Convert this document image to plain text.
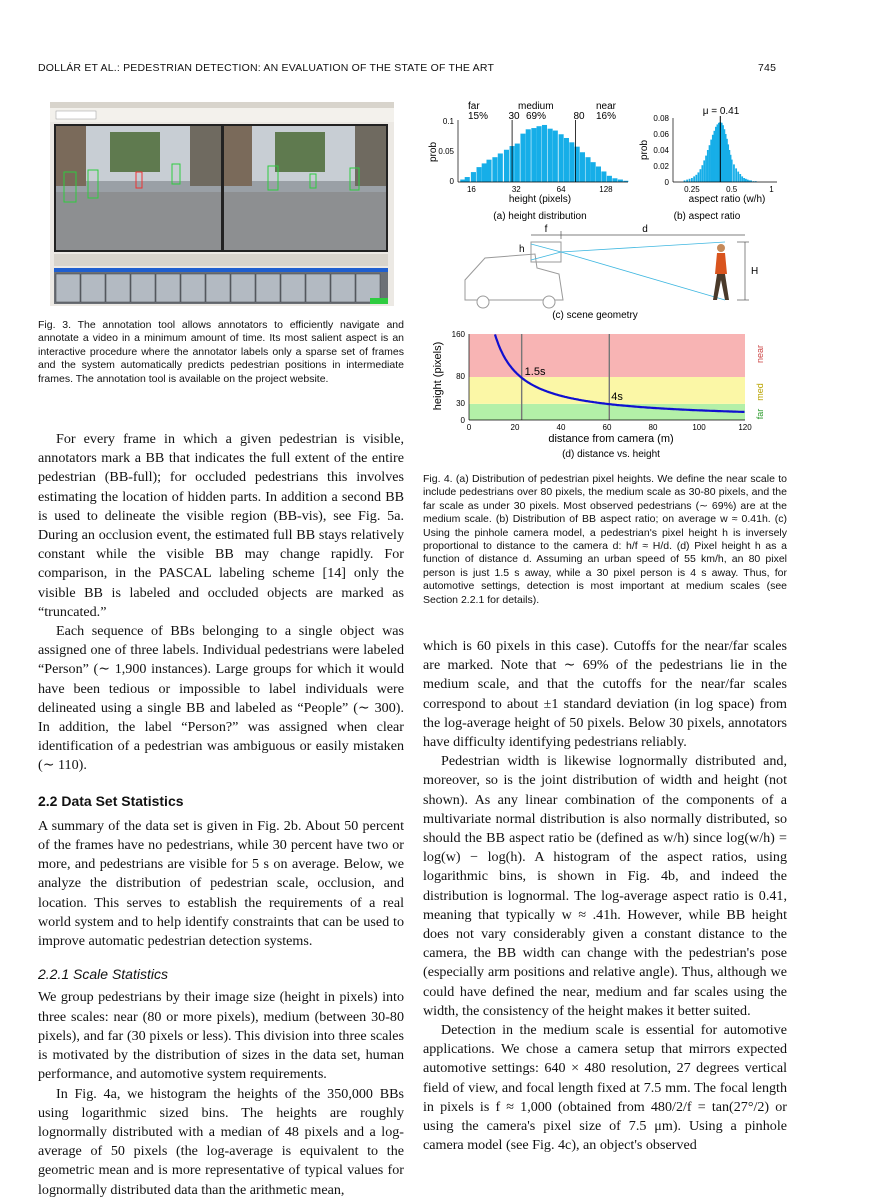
DOLLÁR ET AL.: PEDESTRIAN DETECTION: AN EVALUATION OF THE STATE OF THE ART	745
Fig. 3. The annotation tool allows annotators to efficiently navigate and annotate a video in a minimum amount of time. Its most salient aspect is an interactive procedure where the annotator labels only a sparse set of frames and the system automatically predicts pedestrian positions in intermediate frames. The annotation tool is available on the project website.

For every frame in which a given pedestrian is visible, annotators mark a BB that indicates the full extent of the entire pedestrian (BB-full); for occluded pedestrians this involves estimating the location of hidden parts. In addition a second BB is used to delineate the visible region (BB-vis), see Fig. 5a. During an occlusion event, the estimated full BB stays relatively constant while the visible BB may change rapidly. For comparison, in the PASCAL labeling scheme [14] only the visible BB is labeled and occluded objects are marked as “truncated.”

Each sequence of BBs belonging to a single object was assigned one of three labels. Individual pedestrians were labeled “Person” (∼ 1,900 instances). Large groups for which it would have been tedious or impossible to label individuals were delineated using a single BB and labeled as “People” (∼ 300). In addition, the label “Person?” was assigned when clear identification of a pedestrian was ambiguous or easily mistaken (∼ 110).

2.2 Data Set Statistics

A summary of the data set is given in Fig. 2b. About 50 percent of the frames have no pedestrians, while 30 percent have two or more, and pedestrians are visible for 5 s on average. Below, we analyze the distribution of pedestrian scale, occlusion, and location. This serves to establish the requirements of a real world system and to help identify constraints that can be used to improve automatic pedestrian detection systems.

2.2.1 Scale Statistics

We group pedestrians by their image size (height in pixels) into three scales: near (80 or more pixels), medium (between 30-80 pixels), and far (30 pixels or less). This division into three scales is motivated by the distribution of sizes in the data set, human performance, and automotive system requirements.

In Fig. 4a, we histogram the heights of the 350,000 BBs using logarithmic sized bins. The heights are roughly lognormally distributed with a median of 48 pixels and a log-average of 50 pixels (the log-average is equivalent to the geometric mean and is more representative of typical values for lognormally distributed data than the arithmetic mean,

far
15%
medium
69%
near
16%
30	80
0.1
0.05
0
16	32	64	128
height (pixels)
prob
(a) height distribution
μ = 0.41
0.08
0.06
0.04
0.02
0
0.25	0.5	1
aspect ratio (w/h)
prob
(b) aspect ratio
f	d
h
H
(c) scene geometry
1.5s
4s
160
80
30
0
0	20	40	60	80	100	120
distance from camera (m)
height (pixels)	near
med
far
(d) distance vs. height
Fig. 4. (a) Distribution of pedestrian pixel heights. We define the near scale to include pedestrians over 80 pixels, the medium scale as 30-80 pixels, and the far scale as under 30 pixels. Most observed pedestrians (∼ 69%) are at the medium scale. (b) Distribution of BB aspect ratio; on average w ≈ 0.41h. (c) Using the pinhole camera model, a pedestrian's pixel height h is inversely proportional to distance to the camera d: h/f ≈ H/d. (d) Pixel height h as a function of distance d. Assuming an urban speed of 55 km/h, an 80 pixel person is just 1.5 s away, while a 30 pixel person is 4 s away. Thus, for automotive settings, detection is most important at medium scales (see Section 2.2.1 for details).

which is 60 pixels in this case). Cutoffs for the near/far scales are marked. Note that ∼ 69% of the pedestrians lie in the medium scale, and that the cutoffs for the near/far scales correspond to about ±1 standard deviation (in log space) from the log-average height of 50 pixels. Below 30 pixels, annotators have difficulty identifying pedestrians reliably.

Pedestrian width is likewise lognormally distributed and, moreover, so is the joint distribution of width and height (not shown). As any linear combination of the components of a multivariate normal distribution is also normally distributed, so should the BB aspect ratio be (defined as w/h) since log(w/h) = log(w) − log(h). A histogram of the aspect ratios, using logarithmic bins, is shown in Fig. 4b, and indeed the distribution is lognormal. The log-average aspect ratio is 0.41, meaning that typically w ≈ .41h. However, while BB height does not vary considerably given a constant distance to the camera, the BB width can change with the pedestrian's pose (especially arm positions and relative angle). Thus, although we could have defined the near, medium and far scales using the width, the consistency of the height makes it better suited.

Detection in the medium scale is essential for automotive applications. We chose a camera setup that mirrors expected automotive settings: 640 × 480 resolution, 27 degrees vertical field of view, and focal length fixed at 7.5 mm. The focal length in pixels is f ≈ 1,000 (obtained from 480/2/f = tan(27°/2) or using the camera's pixel size of 7.5 μm). Using a pinhole camera model (see Fig. 4c), an object's observed
